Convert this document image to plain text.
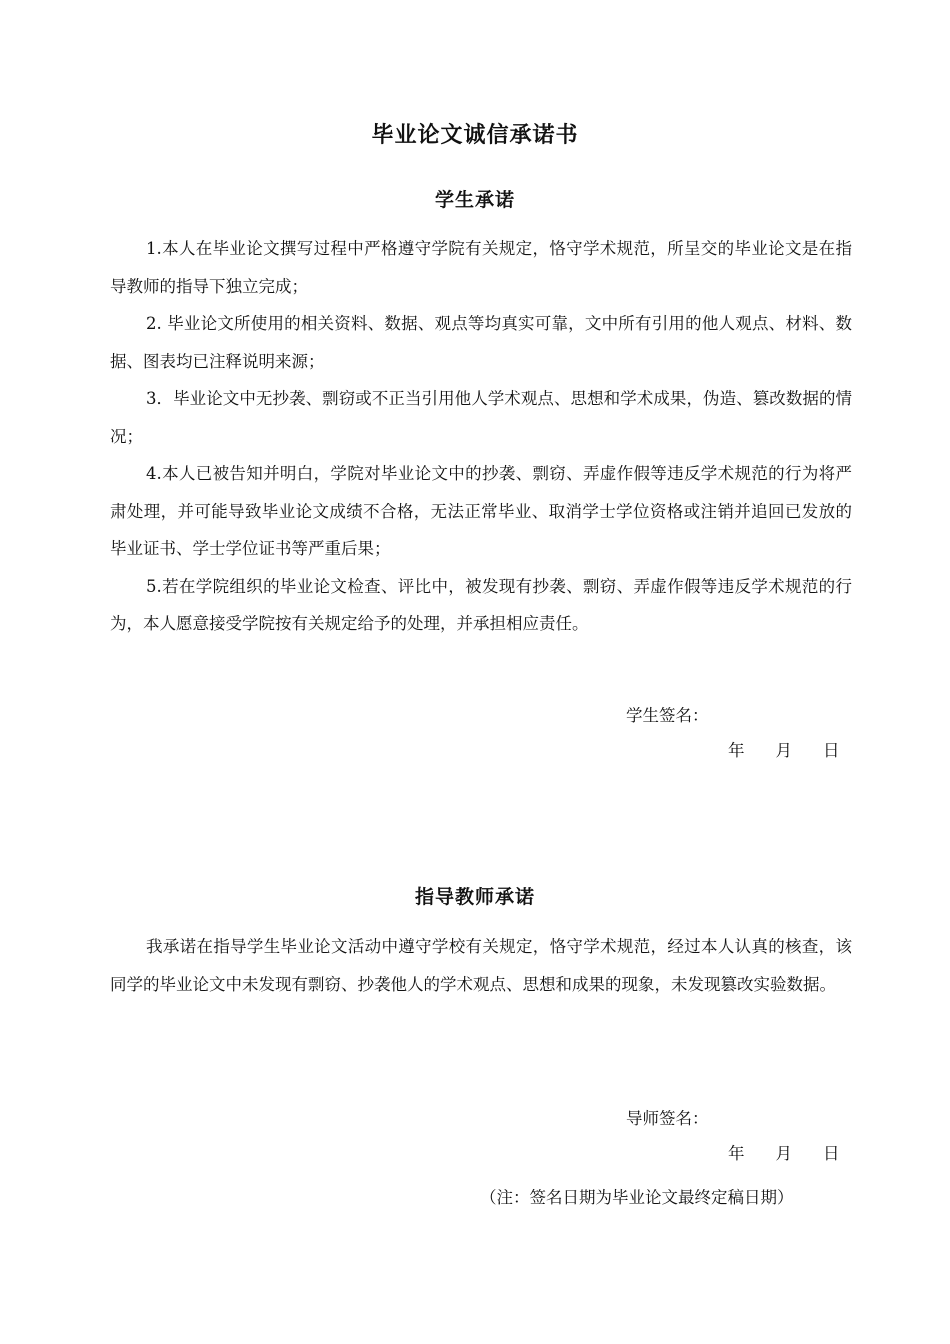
毕业论文诚信承诺书
学生承诺

1.本人在毕业论文撰写过程中严格遵守学院有关规定，恪守学术规范，所呈交的毕业论文是在指导教师的指导下独立完成；

2. 毕业论文所使用的相关资料、数据、观点等均真实可靠，文中所有引用的他人观点、材料、数据、图表均已注释说明来源；

3．毕业论文中无抄袭、剽窃或不正当引用他人学术观点、思想和学术成果，伪造、篡改数据的情况；

4.本人已被告知并明白，学院对毕业论文中的抄袭、剽窃、弄虚作假等违反学术规范的行为将严肃处理，并可能导致毕业论文成绩不合格，无法正常毕业、取消学士学位资格或注销并追回已发放的毕业证书、学士学位证书等严重后果；

5.若在学院组织的毕业论文检查、评比中，被发现有抄袭、剽窃、弄虚作假等违反学术规范的行为，本人愿意接受学院按有关规定给予的处理，并承担相应责任。

学生签名：
年 月 日
指导教师承诺

我承诺在指导学生毕业论文活动中遵守学校有关规定，恪守学术规范，经过本人认真的核查，该同学的毕业论文中未发现有剽窃、抄袭他人的学术观点、思想和成果的现象，未发现篡改实验数据。

导师签名：
年 月 日
（注：签名日期为毕业论文最终定稿日期）
